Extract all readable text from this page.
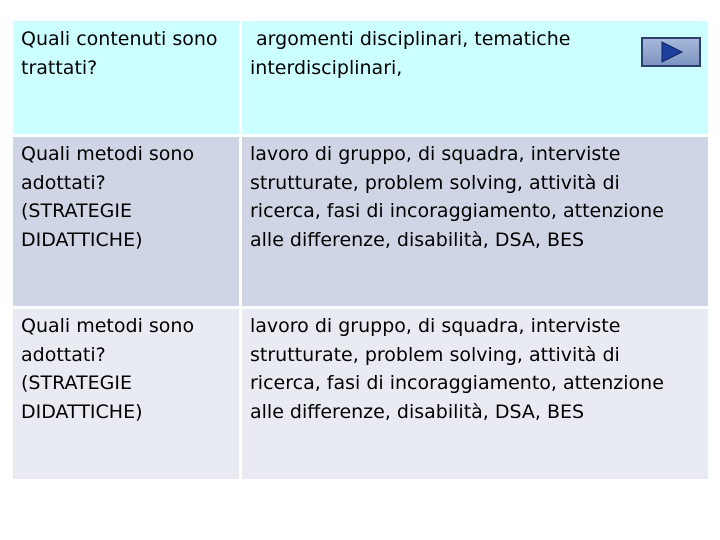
Quali contenuti sono
trattati?
argomenti disciplinari, tematiche
interdisciplinari,
Quali metodi sono
adottati?
(STRATEGIE
DIDATTICHE)
lavoro di gruppo, di squadra, interviste
strutturate, problem solving, attività di
ricerca, fasi di incoraggiamento, attenzione
alle differenze, disabilità, DSA, BES
Quali metodi sono
adottati?
(STRATEGIE
DIDATTICHE)
lavoro di gruppo, di squadra, interviste
strutturate, problem solving, attività di
ricerca, fasi di incoraggiamento, attenzione
alle differenze, disabilità, DSA, BES
